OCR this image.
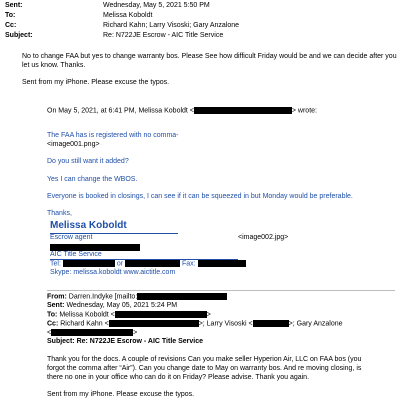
Sent:	Wednesday, May 5, 2021 5:50 PM
To:	Melissa Koboldt
Cc:	Richard Kahn; Larry Visoski; Gary Anzalone
Subject:	Re: N722JE Escrow - AIC Title Service
No to change FAA but yes to change warranty bos. Please See how difficult Friday would be and we can decide after you
let us know. Thanks.
Sent from my iPhone. Please excuse the typos.
On May 5, 2021, at 6:41 PM, Melissa Koboldt <	> wrote:
The FAA has is registered with no comma-
<image001.png>
Do you still want it added?
Yes I can change the WBOS.
Everyone is booked in closings, I can see if it can be squeezed in but Monday would be preferable.
Thanks,
Melissa Koboldt
Escrow agent	<image002.jpg>
AIC Title Service
Tel:	or	Fax:
Skype: melissa.koboldt www.aictitle.com
From: Darren.Indyke [mailto:
Sent: Wednesday, May 05, 2021 5:24 PM
To: Melissa Koboldt <	>
Cc: Richard Kahn <	>; Larry Visoski <	>; Gary Anzalone
<	>
Subject: Re: N722JE Escrow - AIC Title Service
Thank you for the docs. A couple of revisions Can you make seller Hyperion Air, LLC on FAA bos (you
forgot the comma after “Air”). Can you change date to May on warranty bos. And re moving closing, is
there no one in your office who can do it on Friday? Please advise. Thank you again.
Sent from my iPhone. Please excuse the typos.
